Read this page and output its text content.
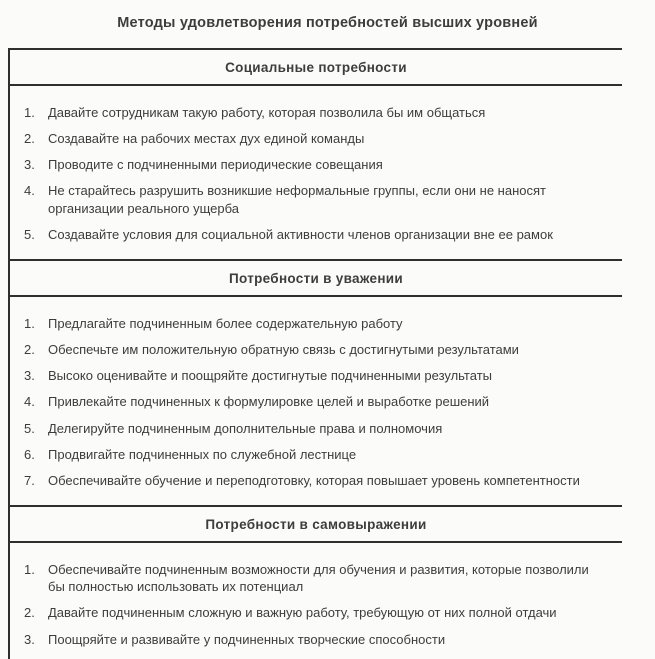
Методы удовлетворения потребностей высших уровней
Социальные потребности
1.	Давайте сотрудникам такую работу, которая позволила бы им общаться
2.	Создавайте на рабочих местах дух единой команды
3.	Проводите с подчиненными периодические совещания
4.	Не старайтесь разрушить возникшие неформальные группы, если они не наносят организации реального ущерба
5.	Создавайте условия для социальной активности членов организации вне ее рамок
Потребности в уважении
1.	Предлагайте подчиненным более содержательную работу
2.	Обеспечьте им положительную обратную связь с достигнутыми результатами
3.	Высоко оценивайте и поощряйте достигнутые подчиненными результаты
4.	Привлекайте подчиненных к формулировке целей и выработке решений
5.	Делегируйте подчиненным дополнительные права и полномочия
6.	Продвигайте подчиненных по служебной лестнице
7.	Обеспечивайте обучение и переподготовку, которая повышает уровень компетентности
Потребности в самовыражении
1.	Обеспечивайте подчиненным возможности для обучения и развития, которые позволили бы полностью использовать их потенциал
2.	Давайте подчиненным сложную и важную работу, требующую от них полной отдачи
3.	Поощряйте и развивайте у подчиненных творческие способности
